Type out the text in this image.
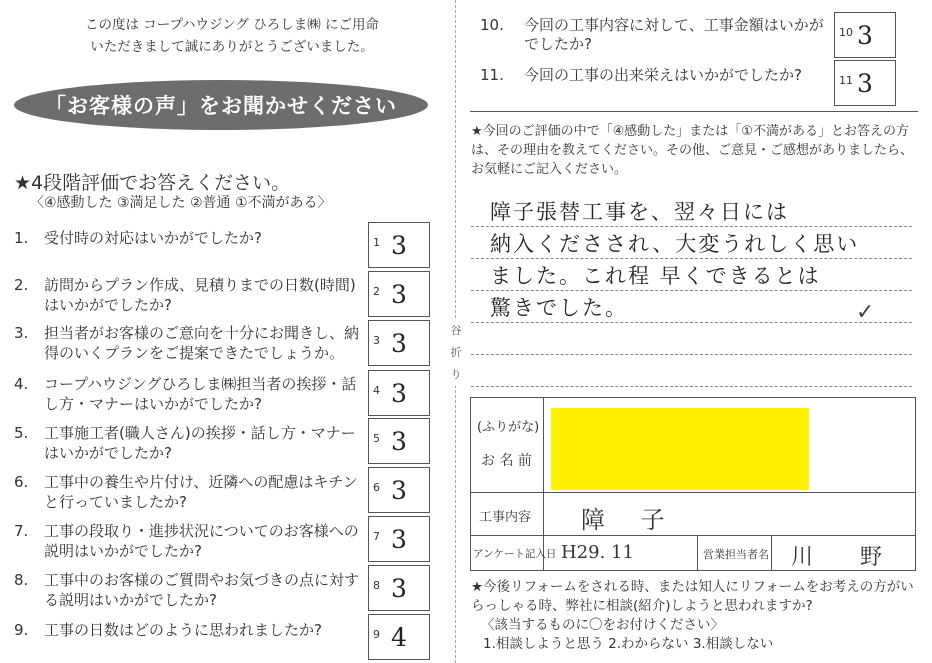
この度は コープハウジング ひろしま㈱ にご用命
いただきまして誠にありがとうございました。
「お客様の声」をお聞かせください
★4段階評価でお答えください。
〈④感動した ③満足した ②普通 ①不満がある〉
1.	受付時の対応はいかがでしたか?	1 3
2.	訪問からプラン作成、見積りまでの日数(時間)はいかがでしたか?
2 3
3.	担当者がお客様のご意向を十分にお聞きし、納得のいくプランをご提案できたでしょうか。
3 3
4.	コープハウジングひろしま㈱担当者の挨拶・話し方・マナーはいかがでしたか?
4 3
5.	工事施工者(職人さん)の挨拶・話し方・マナーはいかがでしたか?
5 3
6.	工事中の養生や片付け、近隣への配慮はキチンと行っていましたか?
6 3
7.	工事の段取り・進捗状況についてのお客様への説明はいかがでしたか?
7 3
8.	工事中のお客様のご質問やお気づきの点に対する説明はいかがでしたか?
8 3
9.	工事の日数はどのように思われましたか?	9 4
谷
折
り
10.	今回の工事内容に対して、工事金額はいかがでしたか?
10 3
11.	今回の工事の出来栄えはいかがでしたか?	11 3
★今回のご評価の中で「④感動した」または「①不満がある」とお答えの方は、その理由を教えてください。その他、ご意見・ご感想がありましたら、お気軽にご記入ください。
障子張替工事を、翌々日には
納入くださされ、大変うれしく思い
ました。これ程 早くできるとは
驚きでした。	✓
(ふりがな)
お 名 前
工事内容 障 子
アンケート記入日 H29. 11	営業担当者名 川 野
★今後リフォームをされる時、または知人にリフォームをお考えの方がいらっしゃる時、弊社に相談(紹介)しようと思われますか?
〈該当するものに〇をお付けください〉
1.相談しようと思う 2.わからない 3.相談しない
